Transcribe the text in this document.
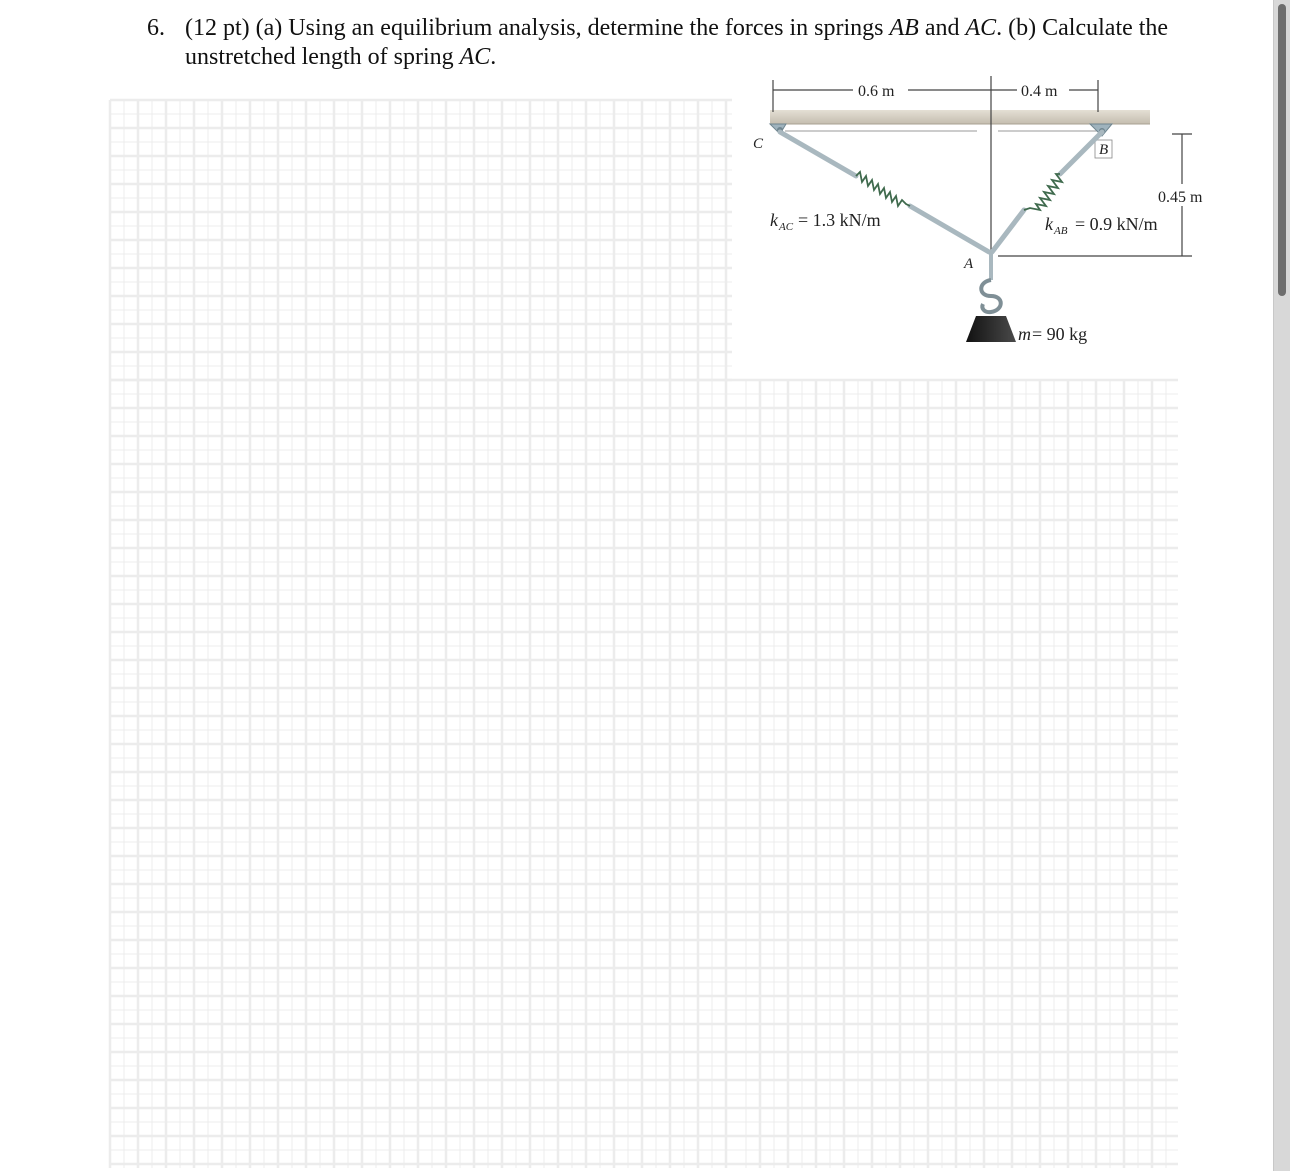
6. (12 pt) (a) Using an equilibrium analysis, determine the forces in springs AB and AC. (b) Calculate the unstretched length of spring AC.
0.6 m	0.4 m
0.45 m
C	B
A
m = 90 kg
k AC = 1.3 kN/m	k AB = 0.9 kN/m
